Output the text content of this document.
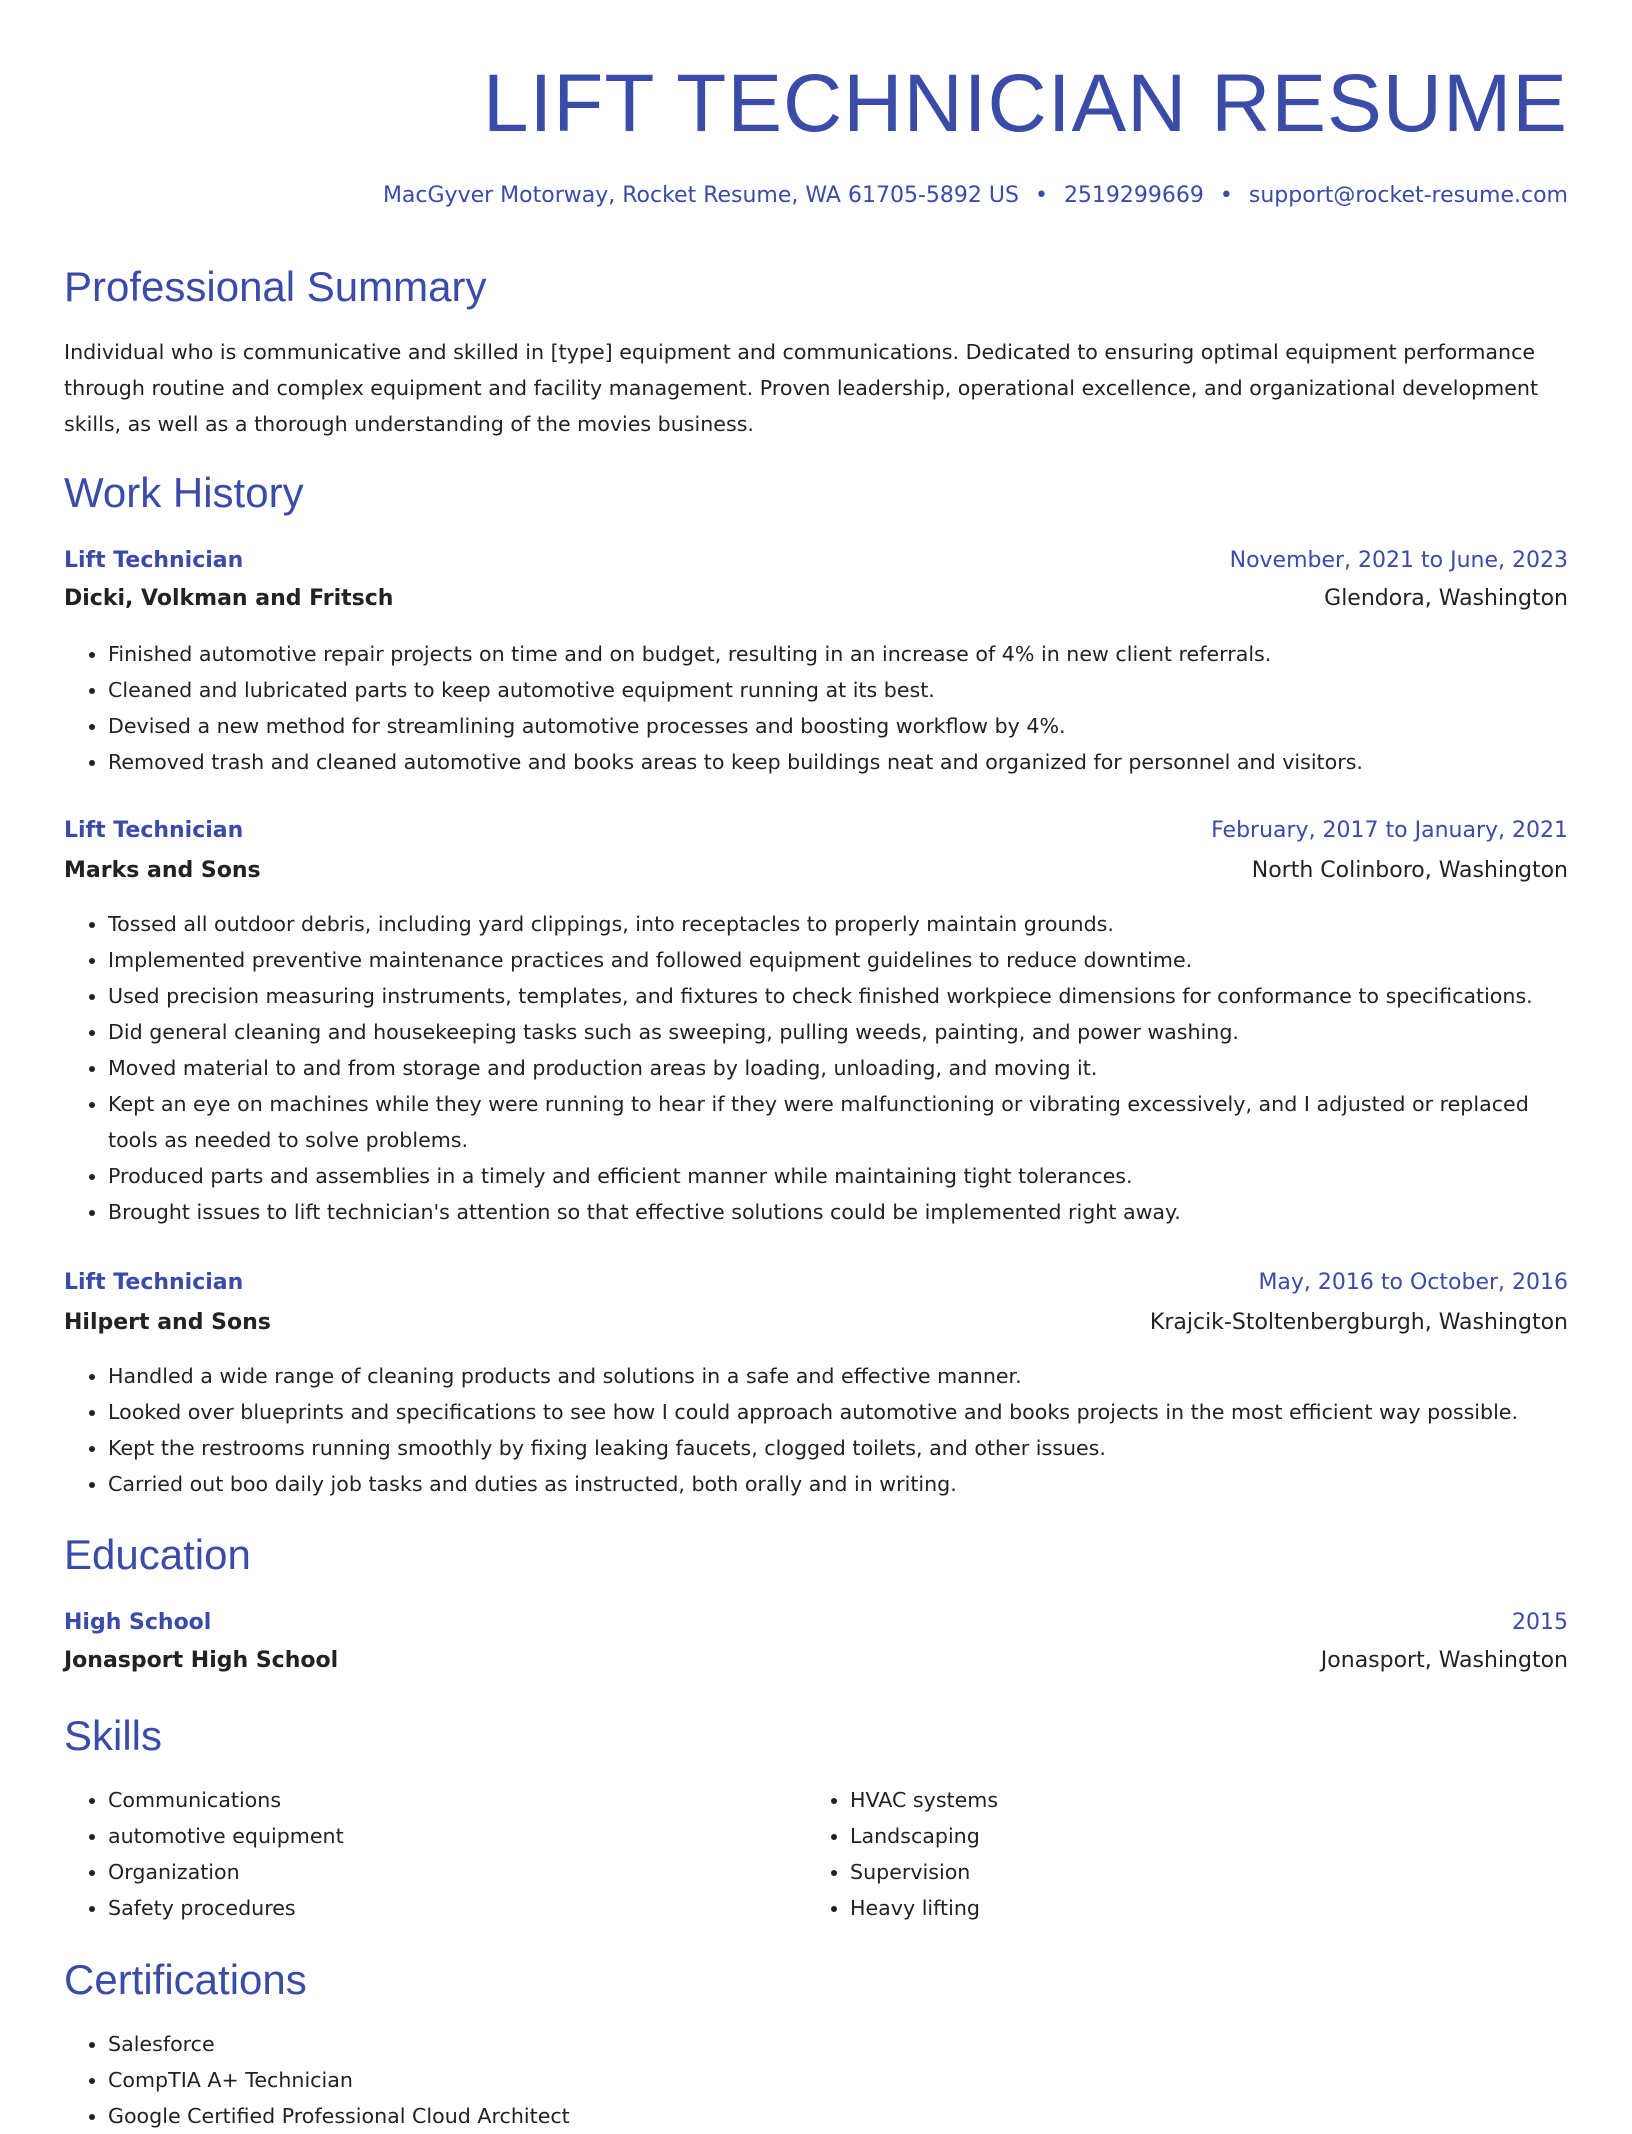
LIFT TECHNICIAN RESUME
MacGyver Motorway, Rocket Resume, WA 61705-5892 US • 2519299669 • support@rocket-resume.com
Professional Summary

Individual who is communicative and skilled in [type] equipment and communications. Dedicated to ensuring optimal equipment performance through routine and complex equipment and facility management. Proven leadership, operational excellence, and organizational development skills, as well as a thorough understanding of the movies business.

Work History
Lift Technician	November, 2021 to June, 2023
Dicki, Volkman and Fritsch	Glendora, Washington
• Finished automotive repair projects on time and on budget, resulting in an increase of 4% in new client referrals.
• Cleaned and lubricated parts to keep automotive equipment running at its best.
• Devised a new method for streamlining automotive processes and boosting workflow by 4%.
• Removed trash and cleaned automotive and books areas to keep buildings neat and organized for personnel and visitors.
Lift Technician	February, 2017 to January, 2021
Marks and Sons	North Colinboro, Washington
• Tossed all outdoor debris, including yard clippings, into receptacles to properly maintain grounds.
• Implemented preventive maintenance practices and followed equipment guidelines to reduce downtime.
• Used precision measuring instruments, templates, and fixtures to check finished workpiece dimensions for conformance to specifications.
• Did general cleaning and housekeeping tasks such as sweeping, pulling weeds, painting, and power washing.
• Moved material to and from storage and production areas by loading, unloading, and moving it.
• Kept an eye on machines while they were running to hear if they were malfunctioning or vibrating excessively, and I adjusted or replaced tools as needed to solve problems.
• Produced parts and assemblies in a timely and efficient manner while maintaining tight tolerances.
• Brought issues to lift technician's attention so that effective solutions could be implemented right away.
Lift Technician	May, 2016 to October, 2016
Hilpert and Sons	Krajcik-Stoltenbergburgh, Washington
• Handled a wide range of cleaning products and solutions in a safe and effective manner.
• Looked over blueprints and specifications to see how I could approach automotive and books projects in the most efficient way possible.
• Kept the restrooms running smoothly by fixing leaking faucets, clogged toilets, and other issues.
• Carried out boo daily job tasks and duties as instructed, both orally and in writing.
Education
High School	2015
Jonasport High School	Jonasport, Washington
Skills
• Communications
• automotive equipment
• Organization
• Safety procedures
• HVAC systems
• Landscaping
• Supervision
• Heavy lifting
Certifications
• Salesforce
• CompTIA A+ Technician
• Google Certified Professional Cloud Architect
